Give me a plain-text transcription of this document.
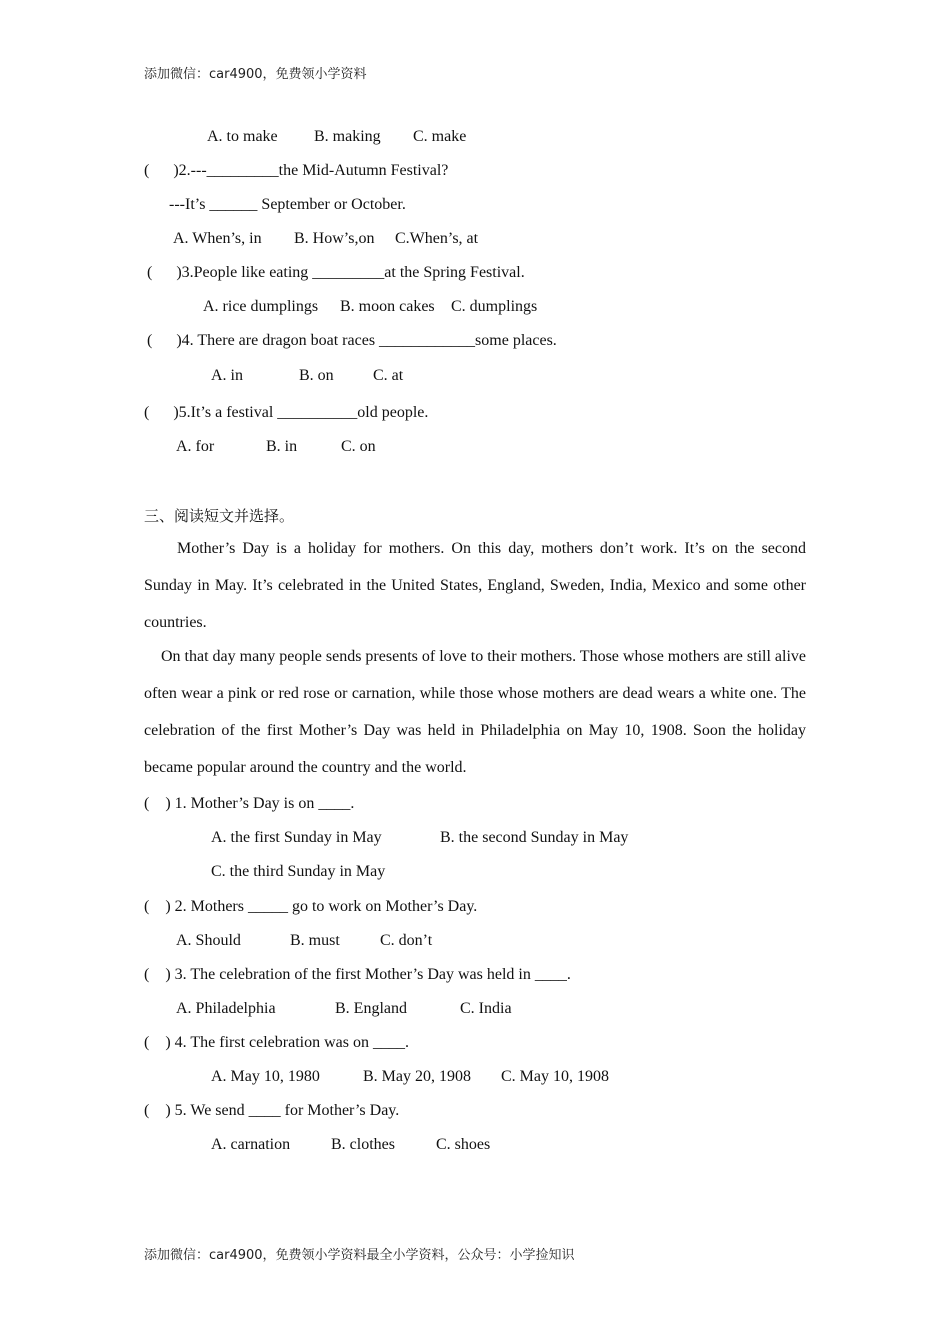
添加微信：car4900，免费领小学资料
A. to make B. making C. make
(      )2.---_________the Mid-Autumn Festival?
---It’s ______ September or October.
A. When’s, in B. How’s,on C.When’s, at
(      )3.People like eating _________at the Spring Festival.
A. rice dumplings B. moon cakes C. dumplings
(      )4. There are dragon boat races ____________some places.
A. in	B. on C. at
(      )5.It’s a festival __________old people.
A. for	B. in	C. on
三、阅读短文并选择。

Mother’s Day is a holiday for mothers. On this day, mothers don’t work. It’s on the second Sunday in May. It’s celebrated in the United States, England, Sweden, India, Mexico and some other countries.

On that day many people sends presents of love to their mothers. Those whose mothers are still alive often wear a pink or red rose or carnation, while those whose mothers are dead wears a white one. The celebration of the first Mother’s Day was held in Philadelphia on May 10, 1908. Soon the holiday became popular around the country and the world.

(    ) 1. Mother’s Day is on ____.
A. the first Sunday in May	B. the second Sunday in May
C. the third Sunday in May
(    ) 2. Mothers _____ go to work on Mother’s Day.
A. Should	B. must	C. don’t
(    ) 3. The celebration of the first Mother’s Day was held in ____.
A. Philadelphia	B. England	C. India
(    ) 4. The first celebration was on ____.
A. May 10, 1980	B. May 20, 1908 C. May 10, 1908
(    ) 5. We send ____ for Mother’s Day.
A. carnation	B. clothes	C. shoes
添加微信：car4900，免费领小学资料最全小学资料，公众号：小学捡知识
